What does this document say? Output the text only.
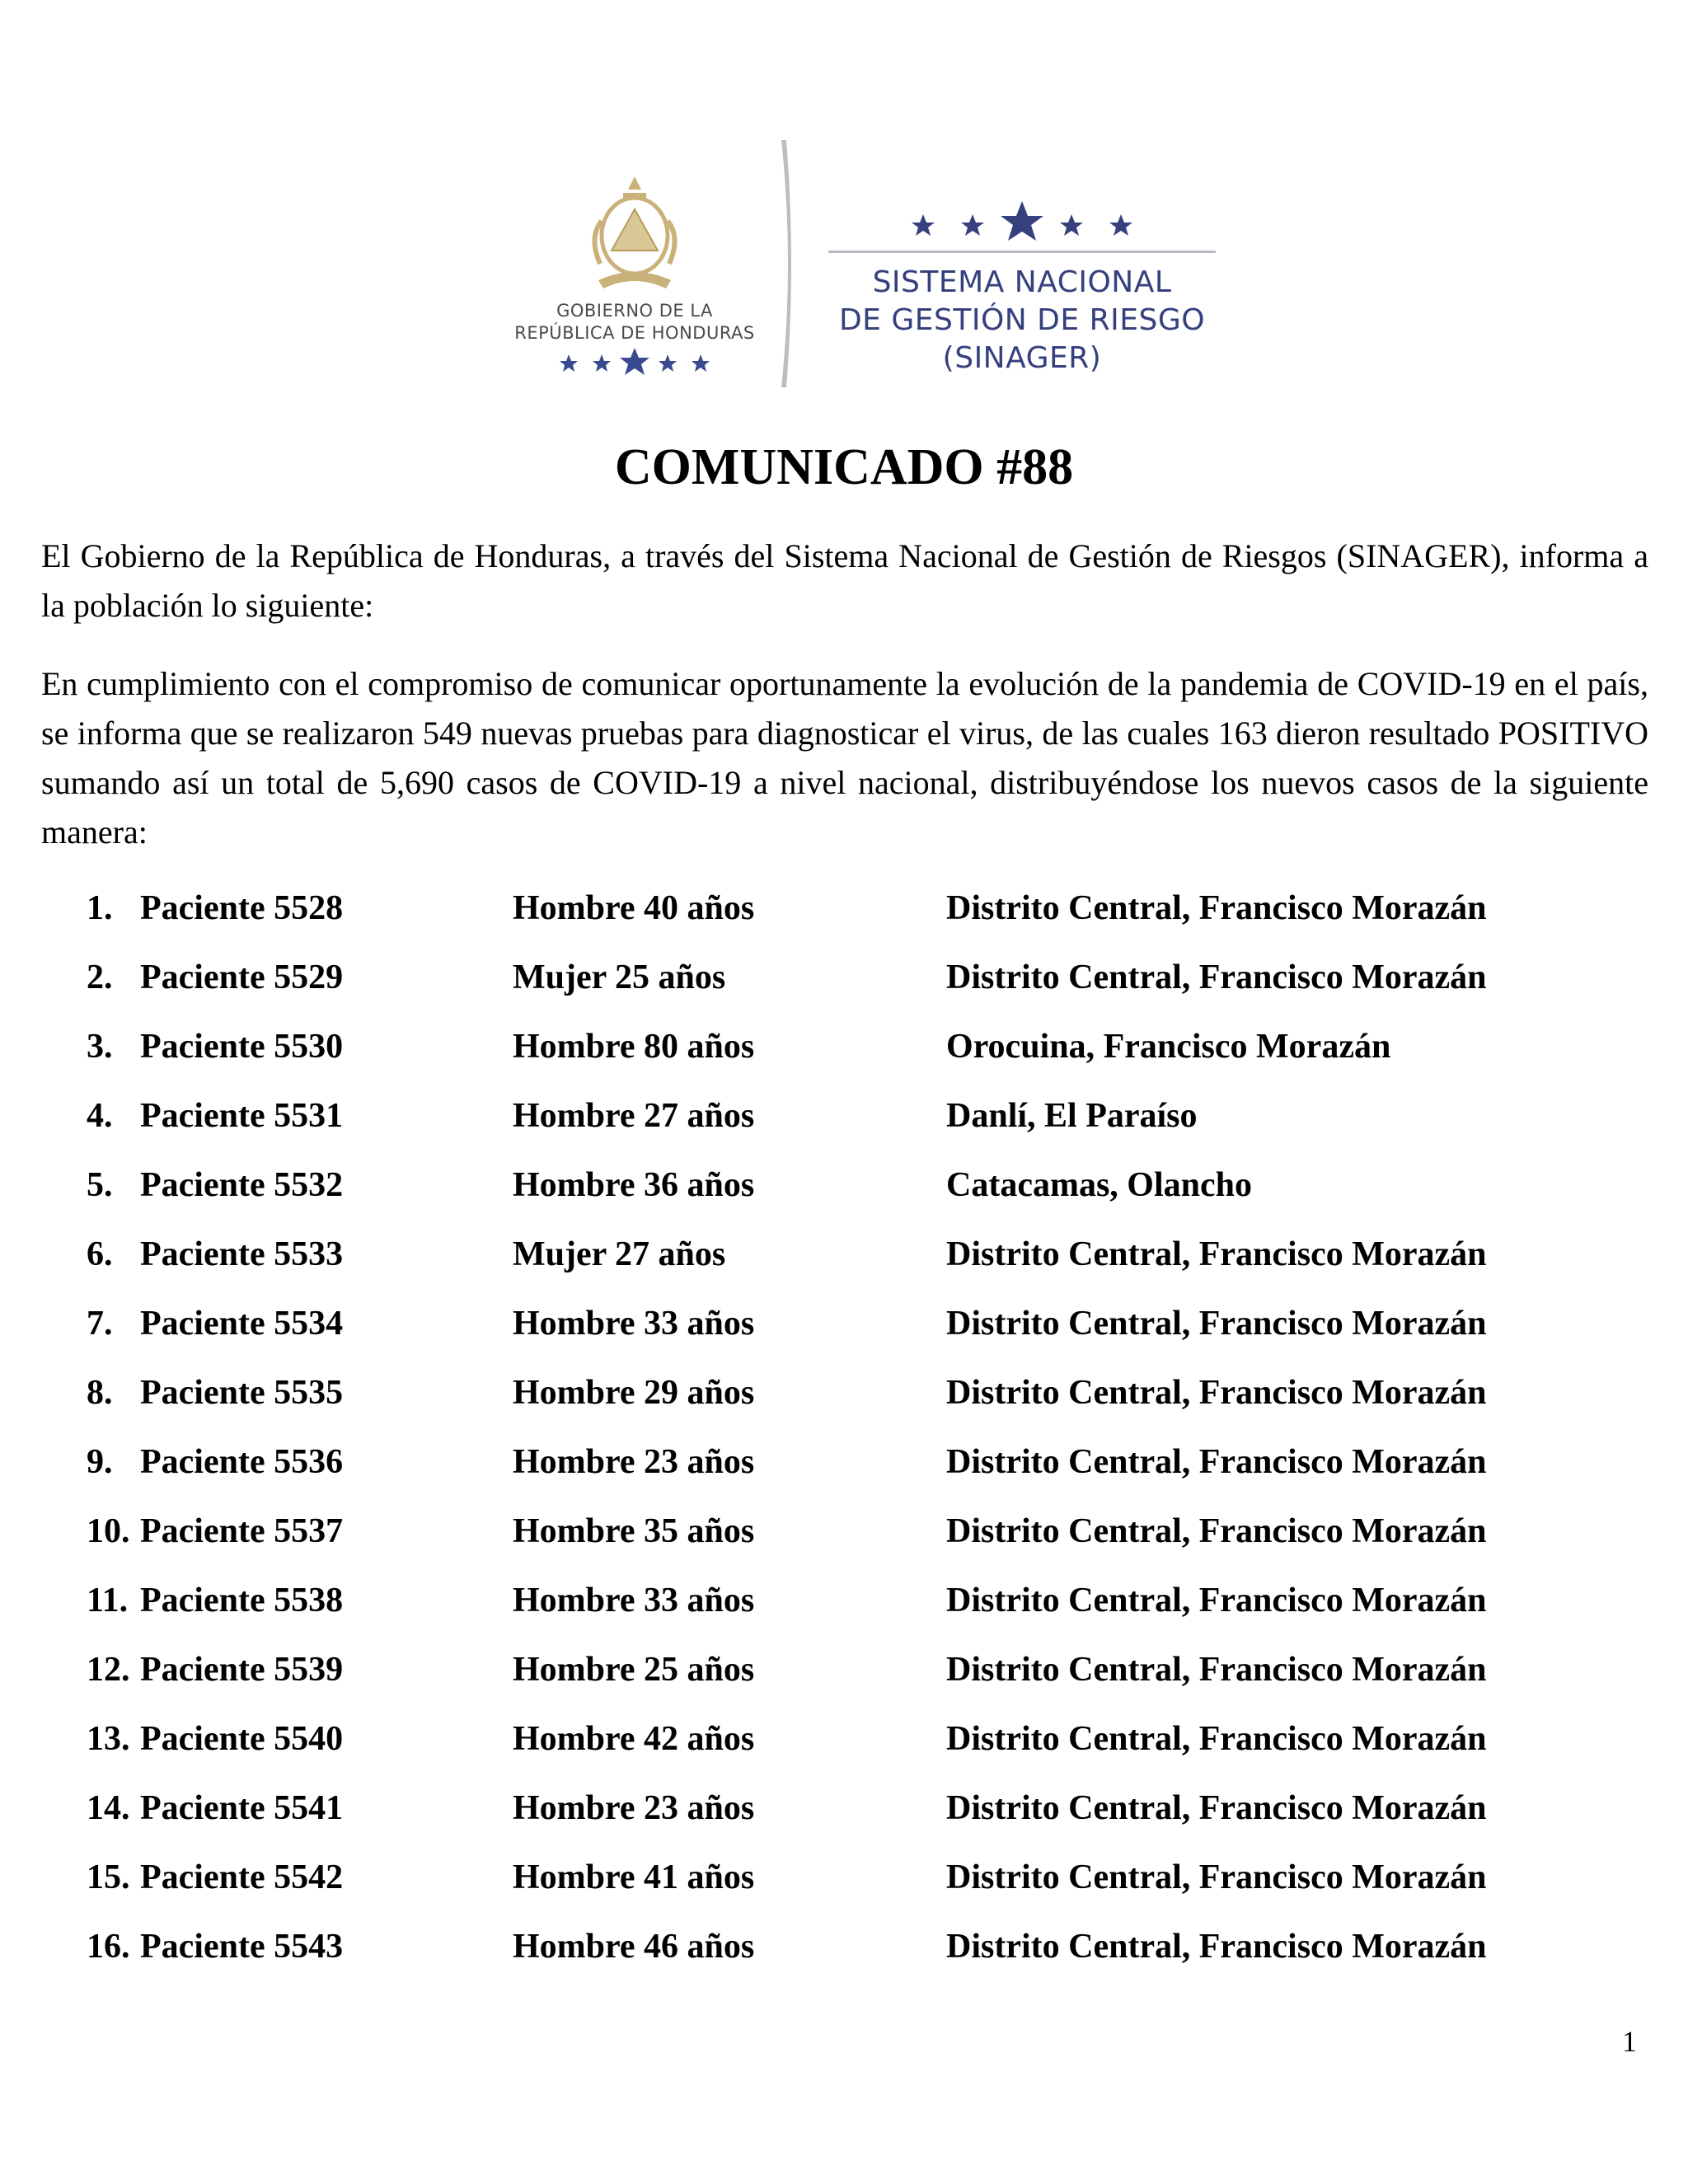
GOBIERNO DE LA
REPÚBLICA DE HONDURAS
SISTEMA NACIONAL
DE GESTIÓN DE RIESGO
(SINAGER)
COMUNICADO #88

El Gobierno de la República de Honduras, a través del Sistema Nacional de Gestión de Riesgos (SINAGER), informa a la población lo siguiente:

En cumplimiento con el compromiso de comunicar oportunamente la evolución de la pandemia de COVID-19 en el país, se informa que se realizaron 549 nuevas pruebas para diagnosticar el virus, de las cuales 163 dieron resultado POSITIVO sumando así un total de 5,690 casos de COVID-19 a nivel nacional, distribuyéndose los nuevos casos de la siguiente manera:

1. Paciente 5528	Hombre 40 años	Distrito Central, Francisco Morazán
2. Paciente 5529	Mujer 25 años	Distrito Central, Francisco Morazán
3. Paciente 5530	Hombre 80 años	Orocuina, Francisco Morazán
4. Paciente 5531	Hombre 27 años	Danlí, El Paraíso
5. Paciente 5532	Hombre 36 años	Catacamas, Olancho
6. Paciente 5533	Mujer 27 años	Distrito Central, Francisco Morazán
7. Paciente 5534	Hombre 33 años	Distrito Central, Francisco Morazán
8. Paciente 5535	Hombre 29 años	Distrito Central, Francisco Morazán
9. Paciente 5536	Hombre 23 años	Distrito Central, Francisco Morazán
10. Paciente 5537	Hombre 35 años	Distrito Central, Francisco Morazán
11. Paciente 5538	Hombre 33 años	Distrito Central, Francisco Morazán
12. Paciente 5539	Hombre 25 años	Distrito Central, Francisco Morazán
13. Paciente 5540	Hombre 42 años	Distrito Central, Francisco Morazán
14. Paciente 5541	Hombre 23 años	Distrito Central, Francisco Morazán
15. Paciente 5542	Hombre 41 años	Distrito Central, Francisco Morazán
16. Paciente 5543	Hombre 46 años	Distrito Central, Francisco Morazán
1
